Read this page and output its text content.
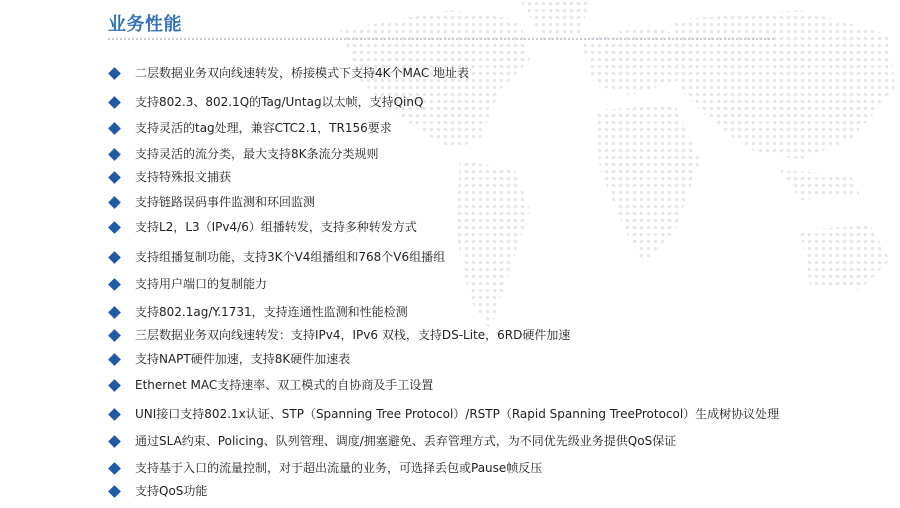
业务性能
二层数据业务双向线速转发，桥接模式下支持4K个MAC 地址表
支持802.3、802.1Q的Tag/Untag以太帧，支持QinQ
支持灵活的tag处理，兼容CTC2.1，TR156要求
支持灵活的流分类，最大支持8K条流分类规则
支持特殊报文捕获
支持链路误码事件监测和环回监测
支持L2，L3（IPv4/6）组播转发，支持多种转发方式
支持组播复制功能，支持3K个V4组播组和768个V6组播组
支持用户端口的复制能力
支持802.1ag/Y.1731，支持连通性监测和性能检测
三层数据业务双向线速转发：支持IPv4，IPv6 双栈，支持DS-Lite，6RD硬件加速
支持NAPT硬件加速，支持8K硬件加速表
Ethernet MAC支持速率、双工模式的自协商及手工设置
UNI接口支持802.1x认证、STP（Spanning Tree Protocol）/RSTP（Rapid Spanning TreeProtocol）生成树协议处理
通过SLA约束、Policing、队列管理、调度/拥塞避免、丢弃管理方式，为不同优先级业务提供QoS保证
支持基于入口的流量控制，对于超出流量的业务，可选择丢包或Pause帧反压
支持QoS功能
